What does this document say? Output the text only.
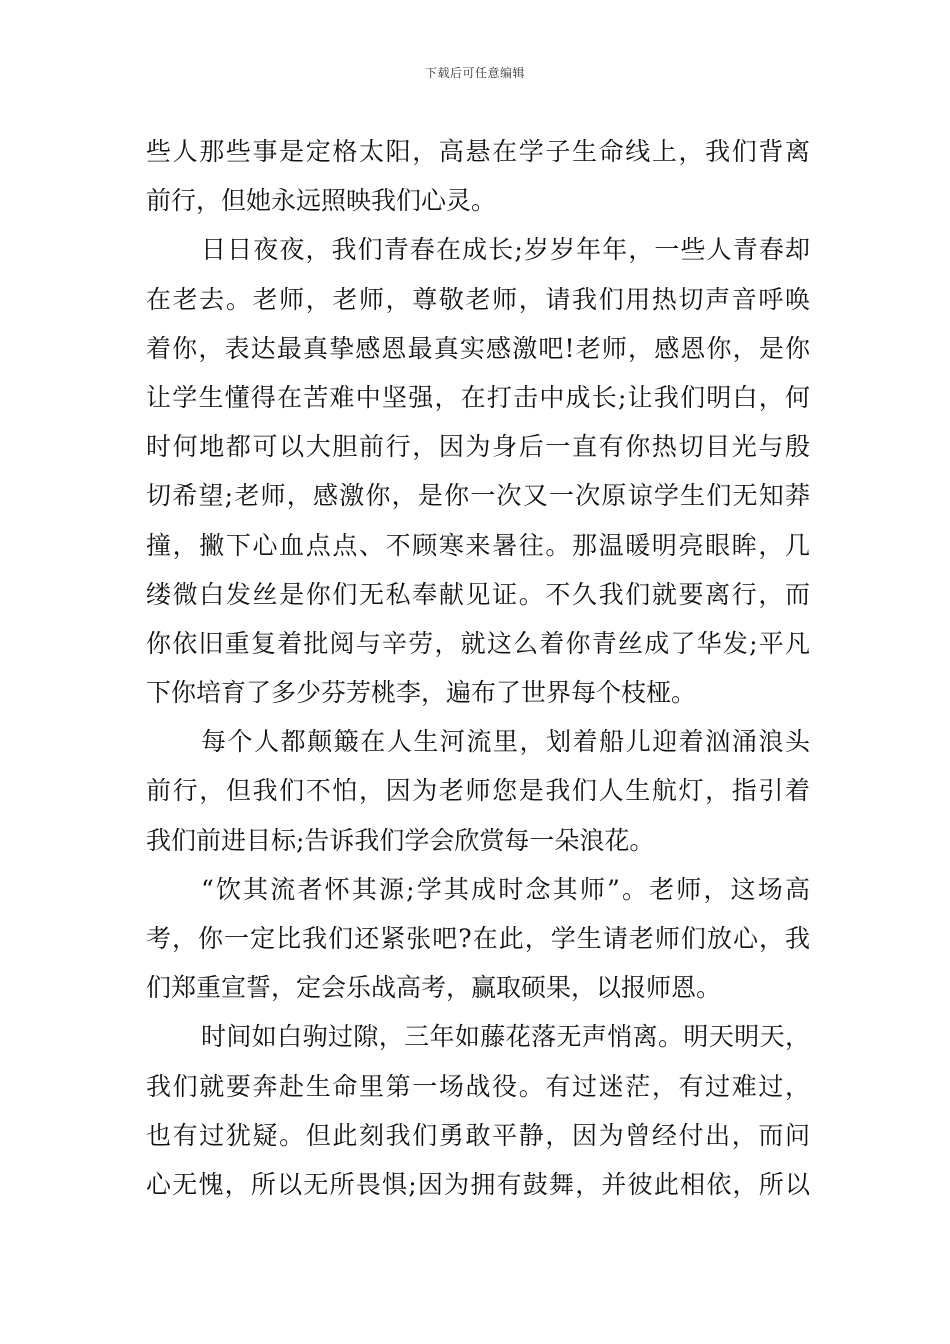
下载后可任意编辑
些人那些事是定格太阳，高悬在学子生命线上，我们背离
前行，但她永远照映我们心灵。
日日夜夜，我们青春在成长;岁岁年年，一些人青春却
在老去。老师，老师，尊敬老师，请我们用热切声音呼唤
着你，表达最真挚感恩最真实感激吧!老师，感恩你，是你
让学生懂得在苦难中坚强，在打击中成长;让我们明白，何
时何地都可以大胆前行，因为身后一直有你热切目光与殷
切希望;老师，感激你，是你一次又一次原谅学生们无知莽
撞，撇下心血点点、不顾寒来暑往。那温暖明亮眼眸，几
缕微白发丝是你们无私奉献见证。不久我们就要离行，而
你依旧重复着批阅与辛劳，就这么着你青丝成了华发;平凡
下你培育了多少芬芳桃李，遍布了世界每个枝桠。
每个人都颠簸在人生河流里，划着船儿迎着汹涌浪头
前行，但我们不怕，因为老师您是我们人生航灯，指引着
我们前进目标;告诉我们学会欣赏每一朵浪花。
“饮其流者怀其源;学其成时念其师”。老师，这场高
考，你一定比我们还紧张吧?在此，学生请老师们放心，我
们郑重宣誓，定会乐战高考，赢取硕果，以报师恩。
时间如白驹过隙，三年如藤花落无声悄离。明天明天，
我们就要奔赴生命里第一场战役。有过迷茫，有过难过，
也有过犹疑。但此刻我们勇敢平静，因为曾经付出，而问
心无愧，所以无所畏惧;因为拥有鼓舞，并彼此相依，所以
